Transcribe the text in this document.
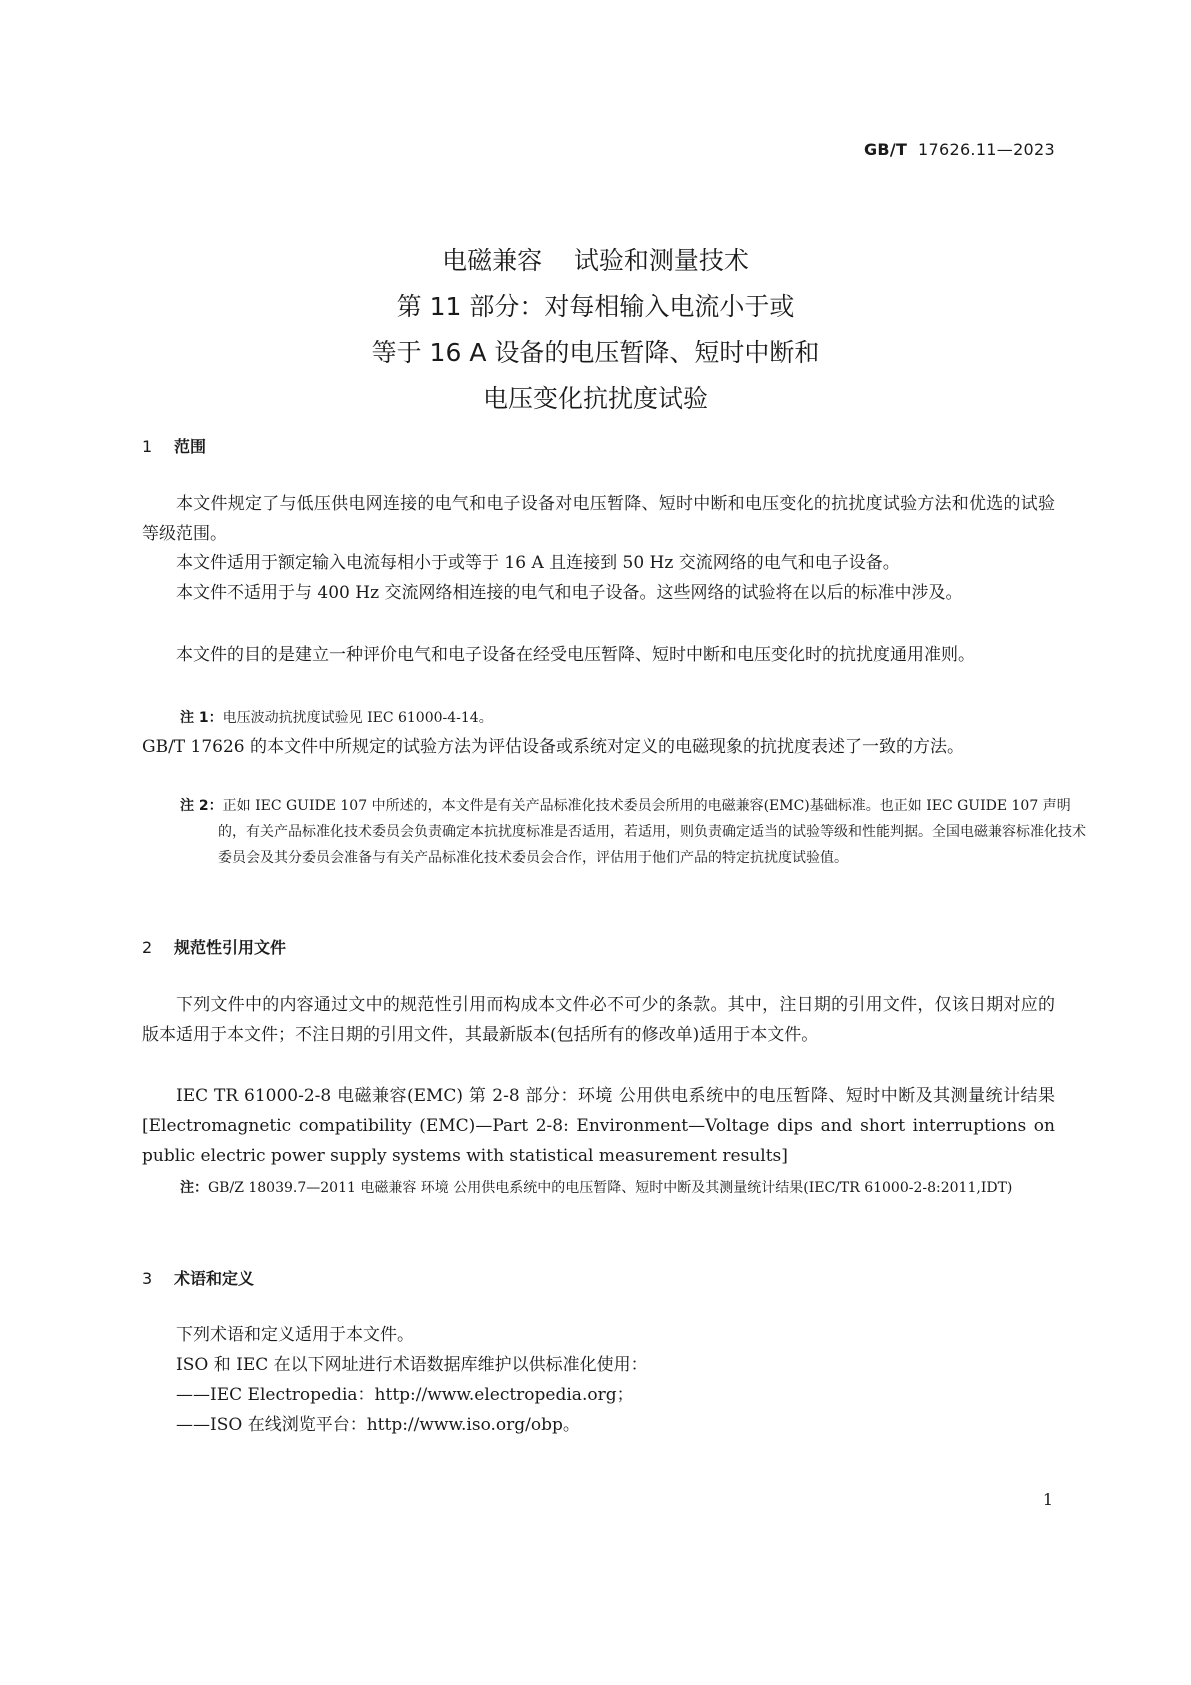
GB/T 17626.11—2023
电磁兼容    试验和测量技术
第 11 部分：对每相输入电流小于或
等于 16 A 设备的电压暂降、短时中断和
电压变化抗扰度试验
1 范围
本文件规定了与低压供电网连接的电气和电子设备对电压暂降、短时中断和电压变化的抗扰度试验方法和优选的试验等级范围。
本文件适用于额定输入电流每相小于或等于 16 A 且连接到 50 Hz 交流网络的电气和电子设备。
本文件不适用于与 400 Hz 交流网络相连接的电气和电子设备。这些网络的试验将在以后的标准中涉及。
本文件的目的是建立一种评价电气和电子设备在经受电压暂降、短时中断和电压变化时的抗扰度通用准则。
注 1：电压波动抗扰度试验见 IEC 61000-4-14。
GB/T 17626 的本文件中所规定的试验方法为评估设备或系统对定义的电磁现象的抗扰度表述了一致的方法。
注 2：正如 IEC GUIDE 107 中所述的，本文件是有关产品标准化技术委员会所用的电磁兼容(EMC)基础标准。也正如 IEC GUIDE 107 声明的，有关产品标准化技术委员会负责确定本抗扰度标准是否适用，若适用，则负责确定适当的试验等级和性能判据。全国电磁兼容标准化技术委员会及其分委员会准备与有关产品标准化技术委员会合作，评估用于他们产品的特定抗扰度试验值。
2 规范性引用文件
下列文件中的内容通过文中的规范性引用而构成本文件必不可少的条款。其中，注日期的引用文件，仅该日期对应的版本适用于本文件；不注日期的引用文件，其最新版本(包括所有的修改单)适用于本文件。
IEC TR 61000-2-8 电磁兼容(EMC) 第 2-8 部分：环境 公用供电系统中的电压暂降、短时中断及其测量统计结果[Electromagnetic compatibility (EMC)—Part 2-8: Environment—Voltage dips and short interruptions on public electric power supply systems with statistical measurement results]
注：GB/Z 18039.7—2011 电磁兼容 环境 公用供电系统中的电压暂降、短时中断及其测量统计结果(IEC/TR 61000-2-8:2011,IDT)
3 术语和定义
下列术语和定义适用于本文件。
ISO 和 IEC 在以下网址进行术语数据库维护以供标准化使用：
——IEC Electropedia：http://www.electropedia.org；
——ISO 在线浏览平台：http://www.iso.org/obp。
1
